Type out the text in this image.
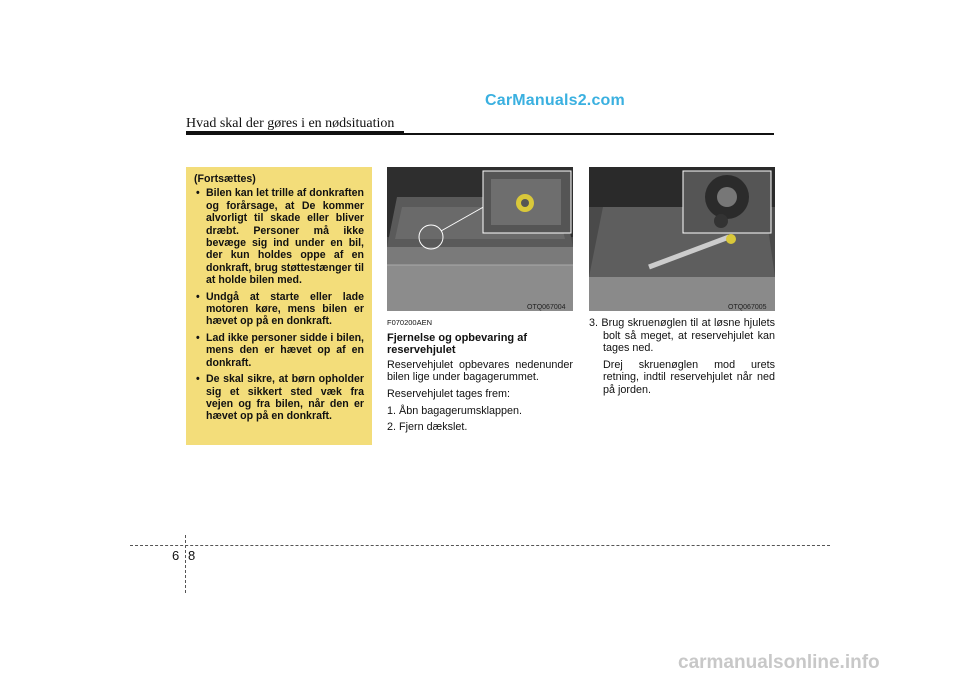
CarManuals2.com
Hvad skal der gøres i en nødsituation
(Fortsættes)
• Bilen kan let trille af donkraften og forårsage, at De kommer alvorligt til skade eller bliver dræbt. Personer må ikke bevæge sig ind under en bil, der kun holdes oppe af en donkraft, brug støttestænger til at holde bilen med.
• Undgå at starte eller lade motoren køre, mens bilen er hævet op på en donkraft.
• Lad ikke personer sidde i bilen, mens den er hævet op af en donkraft.
• De skal sikre, at børn opholder sig et sikkert sted væk fra vejen og fra bilen, når den er hævet op på en donkraft.
OTQ067004	OTQ067005
F070200AEN
Fjernelse og opbevaring af reservehjulet

Reservehjulet opbevares nedenunder bilen lige under bagagerummet.

Reservehjulet tages frem:

1. Åbn bagagerumsklappen.

2. Fjern dækslet.

3. Brug skruenøglen til at løsne hjulets bolt så meget, at reservehjulet kan tages ned.

Drej skruenøglen mod urets retning, indtil reservehjulet når ned på jorden.

6 8
carmanualsonline.info
